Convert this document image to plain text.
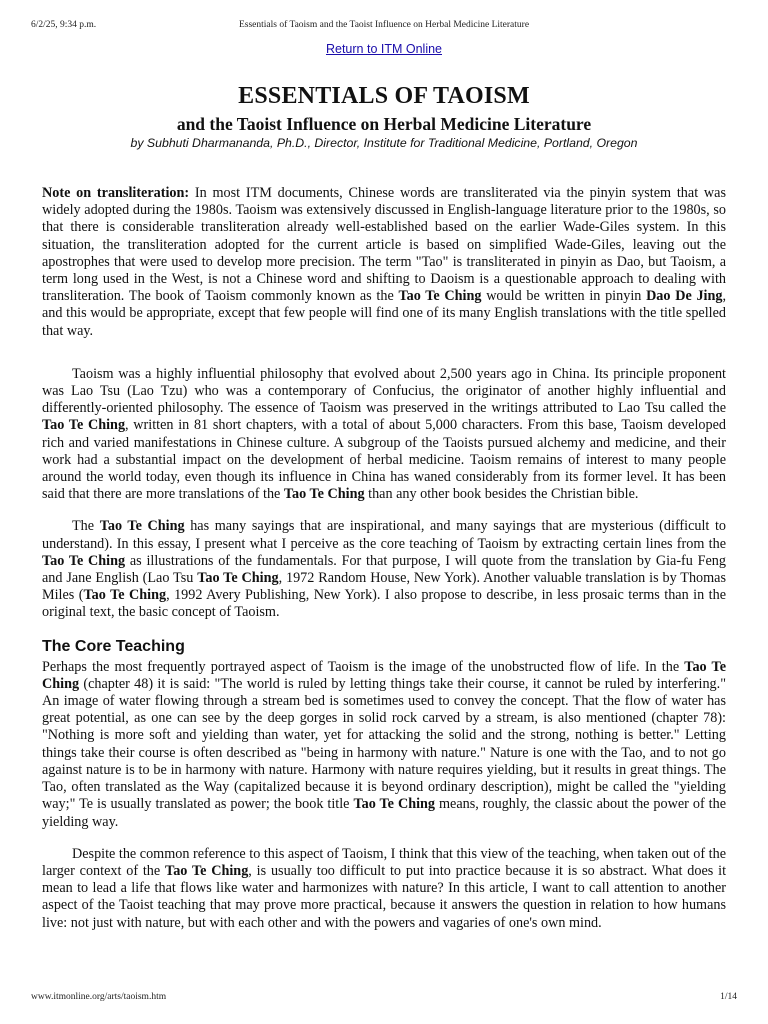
6/2/25, 9:34 p.m.	Essentials of Taoism and the Taoist Influence on Herbal Medicine Literature
Return to ITM Online
ESSENTIALS OF TAOISM
and the Taoist Influence on Herbal Medicine Literature
by Subhuti Dharmananda, Ph.D., Director, Institute for Traditional Medicine, Portland, Oregon

Note on transliteration: In most ITM documents, Chinese words are transliterated via the pinyin system that was widely adopted during the 1980s. Taoism was extensively discussed in English-language literature prior to the 1980s, so that there is considerable transliteration already well-established based on the earlier Wade-Giles system. In this situation, the transliteration adopted for the current article is based on simplified Wade-Giles, leaving out the apostrophes that were used to develop more precision. The term "Tao" is transliterated in pinyin as Dao, but Taoism, a term long used in the West, is not a Chinese word and shifting to Daoism is a questionable approach to dealing with transliteration. The book of Taoism commonly known as the Tao Te Ching would be written in pinyin Dao De Jing, and this would be appropriate, except that few people will find one of its many English translations with the title spelled that way.

Taoism was a highly influential philosophy that evolved about 2,500 years ago in China. Its principle proponent was Lao Tsu (Lao Tzu) who was a contemporary of Confucius, the originator of another highly influential and differently-oriented philosophy. The essence of Taoism was preserved in the writings attributed to Lao Tsu called the Tao Te Ching, written in 81 short chapters, with a total of about 5,000 characters. From this base, Taoism developed rich and varied manifestations in Chinese culture. A subgroup of the Taoists pursued alchemy and medicine, and their work had a substantial impact on the development of herbal medicine. Taoism remains of interest to many people around the world today, even though its influence in China has waned considerably from its former level. It has been said that there are more translations of the Tao Te Ching than any other book besides the Christian bible.

The Tao Te Ching has many sayings that are inspirational, and many sayings that are mysterious (difficult to understand). In this essay, I present what I perceive as the core teaching of Taoism by extracting certain lines from the Tao Te Ching as illustrations of the fundamentals. For that purpose, I will quote from the translation by Gia-fu Feng and Jane English (Lao Tsu Tao Te Ching, 1972 Random House, New York). Another valuable translation is by Thomas Miles (Tao Te Ching, 1992 Avery Publishing, New York). I also propose to describe, in less prosaic terms than in the original text, the basic concept of Taoism.

The Core Teaching

Perhaps the most frequently portrayed aspect of Taoism is the image of the unobstructed flow of life. In the Tao Te Ching (chapter 48) it is said: "The world is ruled by letting things take their course, it cannot be ruled by interfering." An image of water flowing through a stream bed is sometimes used to convey the concept. That the flow of water has great potential, as one can see by the deep gorges in solid rock carved by a stream, is also mentioned (chapter 78): "Nothing is more soft and yielding than water, yet for attacking the solid and the strong, nothing is better." Letting things take their course is often described as "being in harmony with nature." Nature is one with the Tao, and to not go against nature is to be in harmony with nature. Harmony with nature requires yielding, but it results in great things. The Tao, often translated as the Way (capitalized because it is beyond ordinary description), might be called the "yielding way;" Te is usually translated as power; the book title Tao Te Ching means, roughly, the classic about the power of the yielding way.

Despite the common reference to this aspect of Taoism, I think that this view of the teaching, when taken out of the larger context of the Tao Te Ching, is usually too difficult to put into practice because it is so abstract. What does it mean to lead a life that flows like water and harmonizes with nature? In this article, I want to call attention to another aspect of the Taoist teaching that may prove more practical, because it answers the question in relation to how humans live: not just with nature, but with each other and with the powers and vagaries of one's own mind.

www.itmonline.org/arts/taoism.htm	1/14
